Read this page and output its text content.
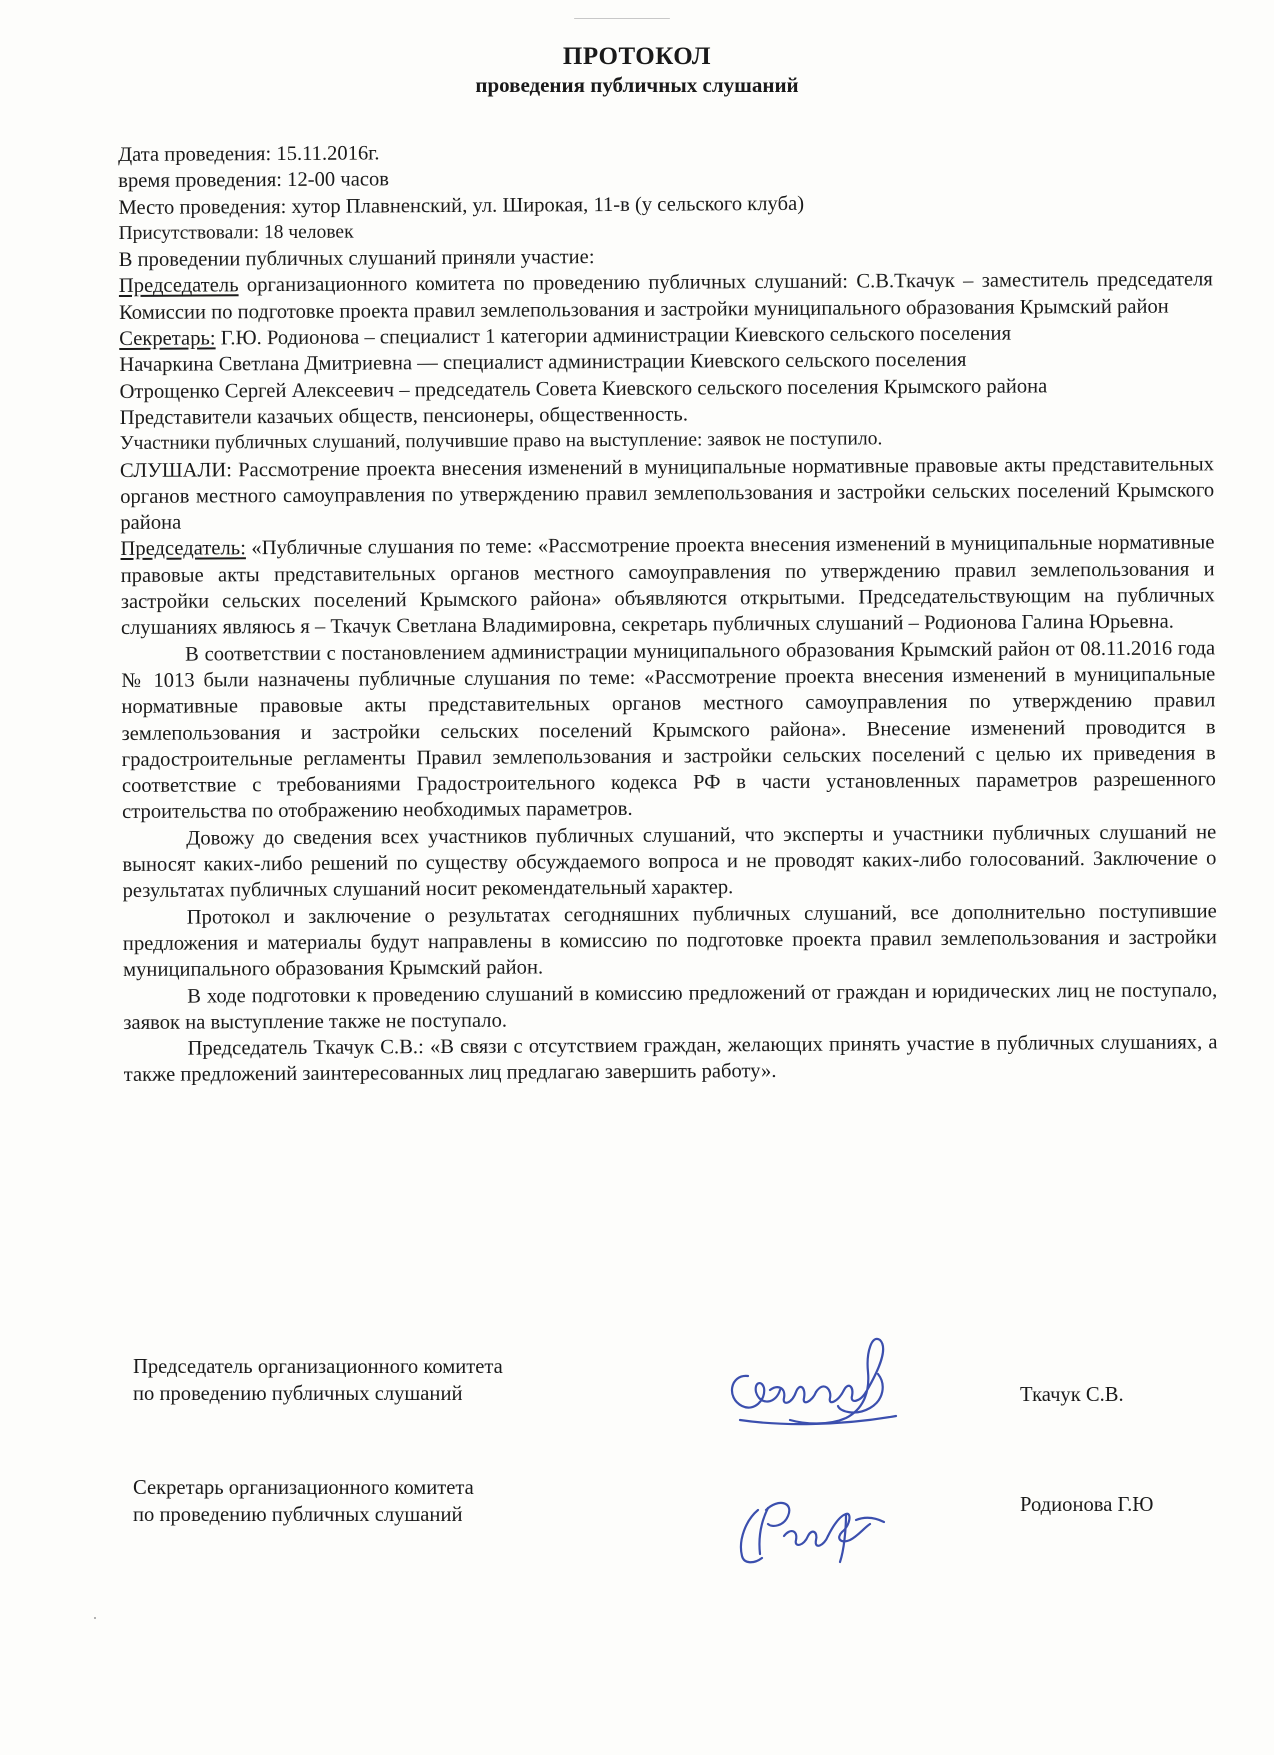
ПРОТОКОЛ
проведения публичных слушаний

Дата проведения: 15.11.2016г.

время проведения: 12-00 часов

Место проведения: хутор Плавненский, ул. Широкая, 11-в (у сельского клуба)

Присутствовали: 18 человек

В проведении публичных слушаний приняли участие:

Председатель организационного комитета по проведению публичных слушаний: С.В.Ткачук – заместитель председателя Комиссии по подготовке проекта правил землепользования и застройки муниципального образования Крымский район

Секретарь: Г.Ю. Родионова – специалист 1 категории администрации Киевского сельского поселения

Начаркина Светлана Дмитриевна — специалист администрации Киевского сельского поселения

Отрощенко Сергей Алексеевич – председатель Совета Киевского сельского поселения Крымского района

Представители казачьих обществ, пенсионеры, общественность.

Участники публичных слушаний, получившие право на выступление: заявок не поступило.

СЛУШАЛИ: Рассмотрение проекта внесения изменений в муниципальные нормативные правовые акты представительных органов местного самоуправления по утверждению правил землепользования и застройки сельских поселений Крымского района

Председатель: «Публичные слушания по теме: «Рассмотрение проекта внесения изменений в муниципальные нормативные правовые акты представительных органов местного самоуправления по утверждению правил землепользования и застройки сельских поселений Крымского района» объявляются открытыми. Председательствующим на публичных слушаниях являюсь я – Ткачук Светлана Владимировна, секретарь публичных слушаний – Родионова Галина Юрьевна.

В соответствии с постановлением администрации муниципального образования Крымский район от 08.11.2016 года № 1013 были назначены публичные слушания по теме: «Рассмотрение проекта внесения изменений в муниципальные нормативные правовые акты представительных органов местного самоуправления по утверждению правил землепользования и застройки сельских поселений Крымского района». Внесение изменений проводится в градостроительные регламенты Правил землепользования и застройки сельских поселений с целью их приведения в соответствие с требованиями Градостроительного кодекса РФ в части установленных параметров разрешенного строительства по отображению необходимых параметров.

Довожу до сведения всех участников публичных слушаний, что эксперты и участники публичных слушаний не выносят каких-либо решений по существу обсуждаемого вопроса и не проводят каких-либо голосований. Заключение о результатах публичных слушаний носит рекомендательный характер.

Протокол и заключение о результатах сегодняшних публичных слушаний, все дополнительно поступившие предложения и материалы будут направлены в комиссию по подготовке проекта правил землепользования и застройки муниципального образования Крымский район.

В ходе подготовки к проведению слушаний в комиссию предложений от граждан и юридических лиц не поступало, заявок на выступление также не поступало.

Председатель Ткачук С.В.: «В связи с отсутствием граждан, желающих принять участие в публичных слушаниях, а также предложений заинтересованных лиц предлагаю завершить работу».

Председатель организационного комитета
по проведению публичных слушаний	Ткачук С.В.
Секретарь организационного комитета
по проведению публичных слушаний	Родионова Г.Ю
